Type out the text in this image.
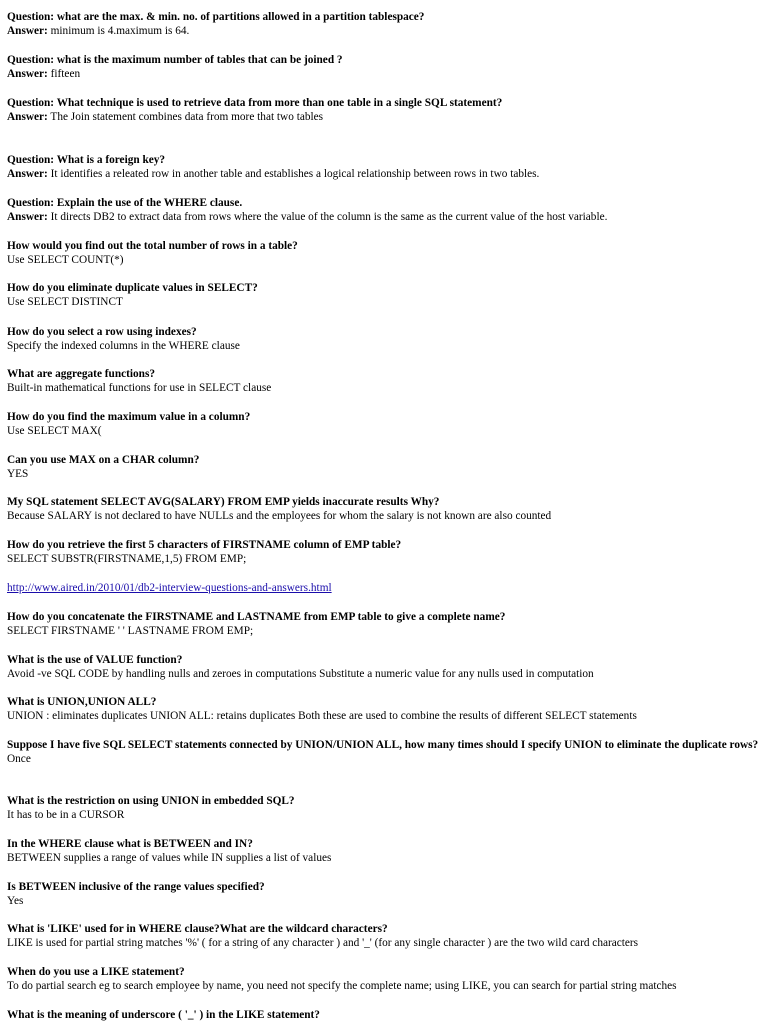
Question: what are the max. & min. no. of partitions allowed in a partition tablespace?
Answer: minimum is 4.maximum is 64.
Question: what is the maximum number of tables that can be joined ?
Answer: fifteen
Question: What technique is used to retrieve data from more than one table in a single SQL statement?
Answer: The Join statement combines data from more that two tables
Question: What is a foreign key?
Answer: It identifies a releated row in another table and establishes a logical relationship between rows in two tables.
Question: Explain the use of the WHERE clause.
Answer: It directs DB2 to extract data from rows where the value of the column is the same as the current value of the host variable.
How would you find out the total number of rows in a table?
Use SELECT COUNT(*)
How do you eliminate duplicate values in SELECT?
Use SELECT DISTINCT
How do you select a row using indexes?
Specify the indexed columns in the WHERE clause
What are aggregate functions?
Built-in mathematical functions for use in SELECT clause
How do you find the maximum value in a column?
Use SELECT MAX(
Can you use MAX on a CHAR column?
YES
My SQL statement SELECT AVG(SALARY) FROM EMP yields inaccurate results Why?
Because SALARY is not declared to have NULLs and the employees for whom the salary is not known are also counted
How do you retrieve the first 5 characters of FIRSTNAME column of EMP table?
SELECT SUBSTR(FIRSTNAME,1,5) FROM EMP;
http://www.aired.in/2010/01/db2-interview-questions-and-answers.html
How do you concatenate the FIRSTNAME and LASTNAME from EMP table to give a complete name?
SELECT FIRSTNAME ' ' LASTNAME FROM EMP;
What is the use of VALUE function?
Avoid -ve SQL CODE by handling nulls and zeroes in computations Substitute a numeric value for any nulls used in computation
What is UNION,UNION ALL?
UNION : eliminates duplicates UNION ALL: retains duplicates Both these are used to combine the results of different SELECT statements
Suppose I have five SQL SELECT statements connected by UNION/UNION ALL, how many times should I specify UNION to eliminate the duplicate rows?
Once
What is the restriction on using UNION in embedded SQL?
It has to be in a CURSOR
In the WHERE clause what is BETWEEN and IN?
BETWEEN supplies a range of values while IN supplies a list of values
Is BETWEEN inclusive of the range values specified?
Yes
What is 'LIKE' used for in WHERE clause?What are the wildcard characters?
LIKE is used for partial string matches '%' ( for a string of any character ) and '_' (for any single character ) are the two wild card characters
When do you use a LIKE statement?
To do partial search eg to search employee by name, you need not specify the complete name; using LIKE, you can search for partial string matches
What is the meaning of underscore ( '_' ) in the LIKE statement?
